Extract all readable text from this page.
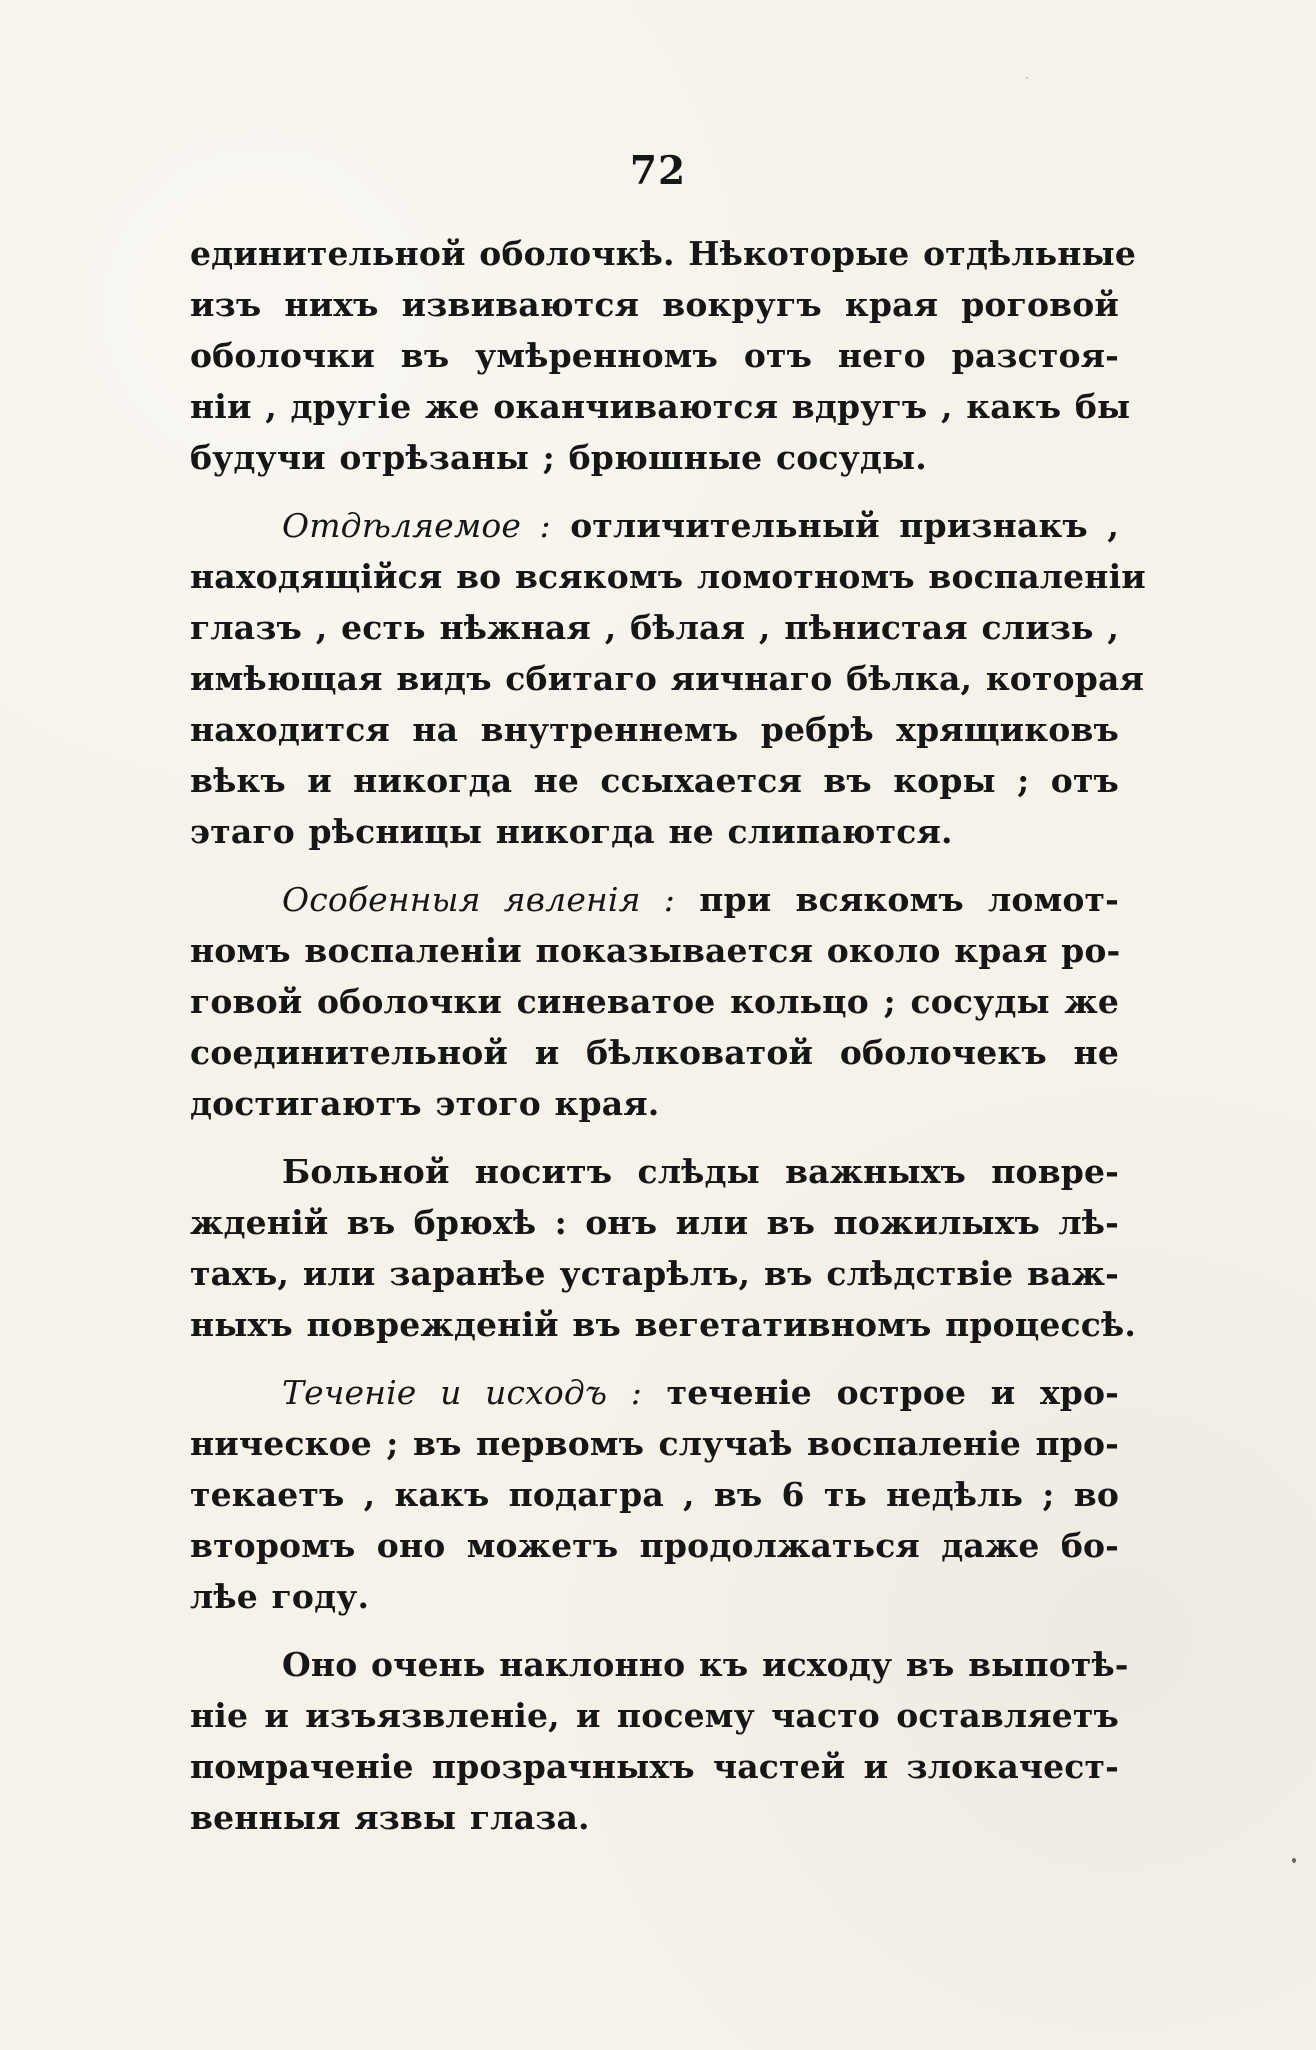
72

единительной оболочкѣ. Нѣкоторые отдѣльные
изъ нихъ извиваются вокругъ края роговой
оболочки въ умѣренномъ отъ него разстоя-
ніи , другіе же оканчиваются вдругъ , какъ бы
будучи отрѣзаны ; брюшные сосуды.

Отдѣляемое : отличительный признакъ ,
находящійся во всякомъ ломотномъ воспаленіи
глазъ , есть нѣжная , бѣлая , пѣнистая слизь ,
имѣющая видъ сбитаго яичнаго бѣлка, которая
находится на внутреннемъ ребрѣ хрящиковъ
вѣкъ и никогда не ссыхается въ коры ; отъ
этаго рѣсницы никогда не слипаются.

Особенныя явленія : при всякомъ ломот-
номъ воспаленіи показывается около края ро-
говой оболочки синеватое кольцо ; сосуды же
соединительной и бѣлковатой оболочекъ не
достигаютъ этого края.

Больной носитъ слѣды важныхъ повре-
жденій въ брюхѣ : онъ или въ пожилыхъ лѣ-
тахъ, или заранѣе устарѣлъ, въ слѣдствіе важ-
ныхъ поврежденій въ вегетативномъ процессѣ.

Теченіе и исходъ : теченіе острое и хро-
ническое ; въ первомъ случаѣ воспаленіе про-
текаетъ , какъ подагра , въ 6 ть недѣль ; во
второмъ оно можетъ продолжаться даже бо-
лѣе году.

Оно очень наклонно къ исходу въ выпотѣ-
ніе и изъязвленіе, и посему часто оставляетъ
помраченіе прозрачныхъ частей и злокачест-
венныя язвы глаза.
